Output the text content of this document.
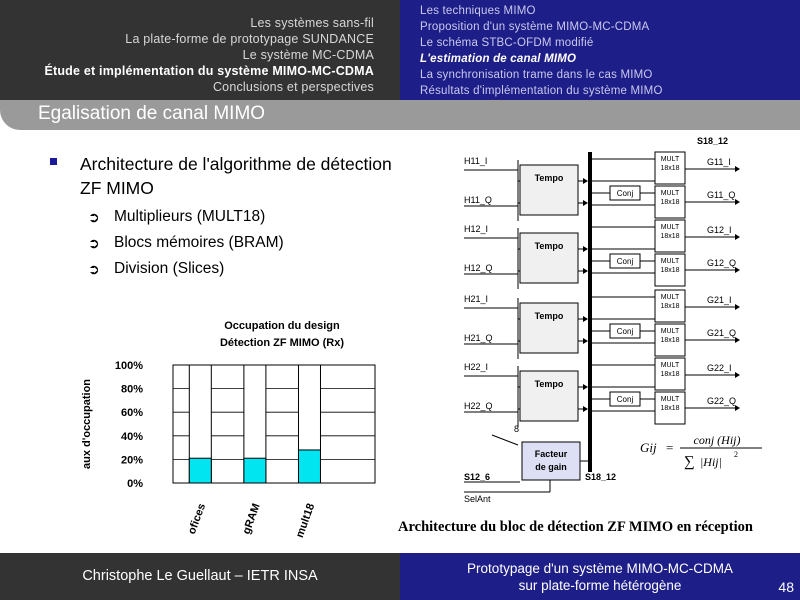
Les systèmes sans-fil
La plate-forme de prototypage SUNDANCE
Le système MC-CDMA
Étude et implémentation du système MIMO-MC-CDMA
Conclusions et perspectives
Les techniques MIMO
Proposition d'un système MIMO-MC-CDMA
Le schéma STBC-OFDM modifié
L'estimation de canal MIMO
La synchronisation trame dans le cas MIMO
Résultats d'implémentation du système MIMO
Egalisation de canal MIMO
Architecture de l'algorithme de détection
ZF MIMO
➲ Multiplieurs (MULT18)
➲ Blocs mémoires (BRAM)
➲ Division (Slices)
Occupation du design
Détection ZF MIMO (Rx)
0%
20%
40%
60%
80%
100%
aux d'occupation
ofices	gRAM	mult18
S18_12
H11_I
H11_Q
Tempo
Conj
MULT
18x18
MULT
18x18
G11_I
G11_Q
H12_I
H12_Q
Tempo
Conj
MULT
18x18
MULT
18x18
G12_I
G12_Q
H21_I
H21_Q
Tempo
Conj
MULT
18x18
MULT
18x18
G21_I
G21_Q
H22_I
H22_Q
Tempo
Conj
MULT
18x18
MULT
18x18
G22_I
G22_Q
Facteur
de gain
8
S12_6	S18_12
SelAnt
Gij = conj (Hij)
∑ |Hij|
2
Architecture du bloc de détection ZF MIMO en réception
Christophe Le Guellaut – IETR INSA	Prototypage d'un système MIMO-MC-CDMA
sur plate-forme hétérogène	48
